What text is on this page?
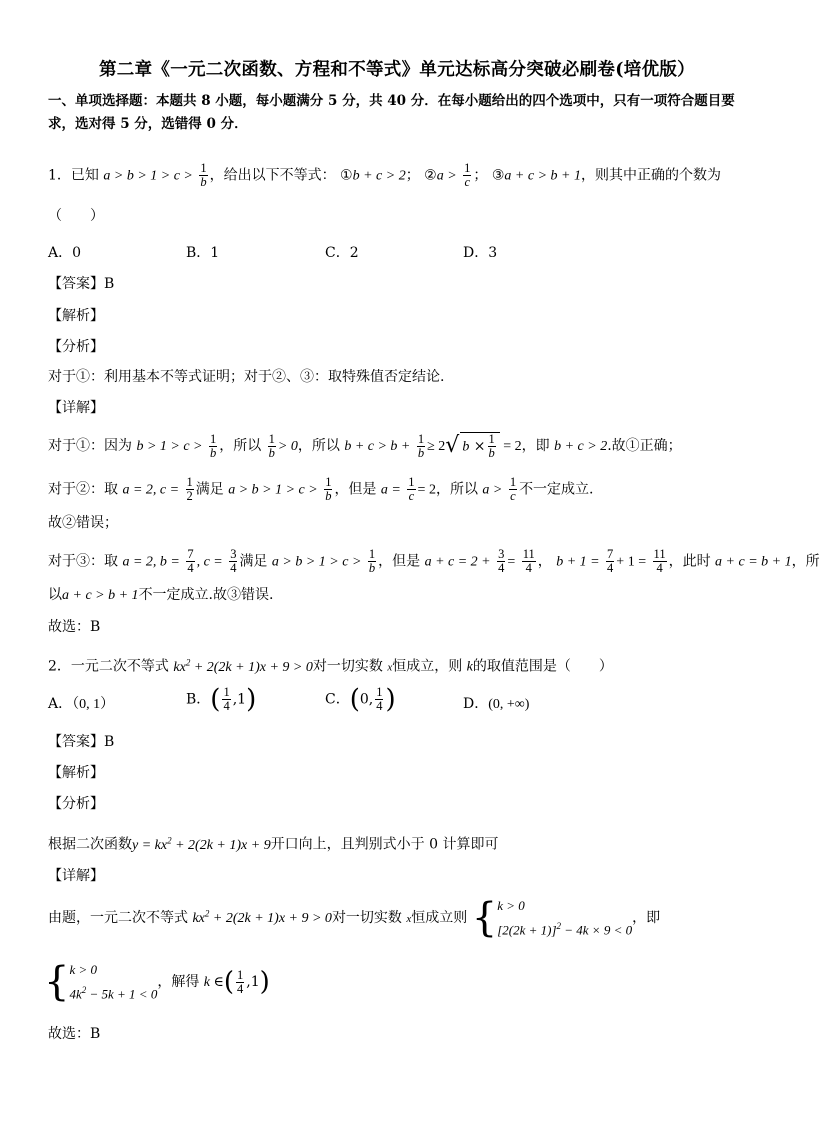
第二章《一元二次函数、方程和不等式》单元达标高分突破必刷卷(培优版）
一、单项选择题：本题共 8 小题，每小题满分 5 分，共 40 分．在每小题给出的四个选项中，只有一项符合题目要
求，选对得 5 分，选错得 0 分．
1．已知 $a > b > 1 > c > \frac{1}{b}$ ，给出以下不等式： ①b + c > 2； ②a > $\frac{1}{c}$ ； ③a + c > b + 1，则其中正确的个数为
（　　）
A．0	B．1	C．2	D．3
【答案】B
【解析】
【分析】
对于①：利用基本不等式证明；对于②、③：取特殊值否定结论.
【详解】
对于①：因为 $b > 1 > c > \frac{1}{b}$ ，所以 $\frac{1}{b} > 0$，所以 $b + c > b + \frac{1}{b} \ge 2√$ $b \times \frac{1}{b} = 2$，即 b + c > 2.故①正确；
对于②：取 a = 2, $c = \frac{1}{2}$ 满足 $a > b > 1 > c > \frac{1}{b}$ ，但是 $a = \frac{1}{c} = 2$，所以 $a > \frac{1}{c}$ 不一定成立.
故②错误；
对于③：取 a = 2, $b = \frac{7}{4}$ , $c = \frac{3}{4}$ 满足 $a > b > 1 > c > \frac{1}{b}$ ，但是 $a + c = 2 + \frac{3}{4} = \frac{11}{4}$ ， $b + 1 = \frac{7}{4} + 1 = \frac{11}{4}$ ，此时 a + c = b + 1，所
以a + c > b + 1不一定成立.故③错误.
故选：B
2．一元二次不等式 $kx^2 + 2(2k + 1)x + 9 > 0$对一切实数 x恒成立，则 k的取值范围是（　　）
A．（0, 1）	B．( $\frac{1}{4} ,1$)	C．(0, $\frac{1}{4}$ )	D．(0, +∞)
【答案】B
【解析】
【分析】
根据二次函数$y = kx^2 + 2(2k + 1)x + 9$开口向上，且判别式小于 0 计算即可
【详解】
由题，一元二次不等式 $kx^2 + 2(2k + 1)x + 9 > 0$对一切实数 x恒成立则 {k > 0
$[2(2k + 1)]^2 - 4k \times 9 < 0$，即
{k > 0
$4k^2 - 5k + 1 < 0$，解得 k ∈( $\frac{1}{4} ,1$)
故选：B
